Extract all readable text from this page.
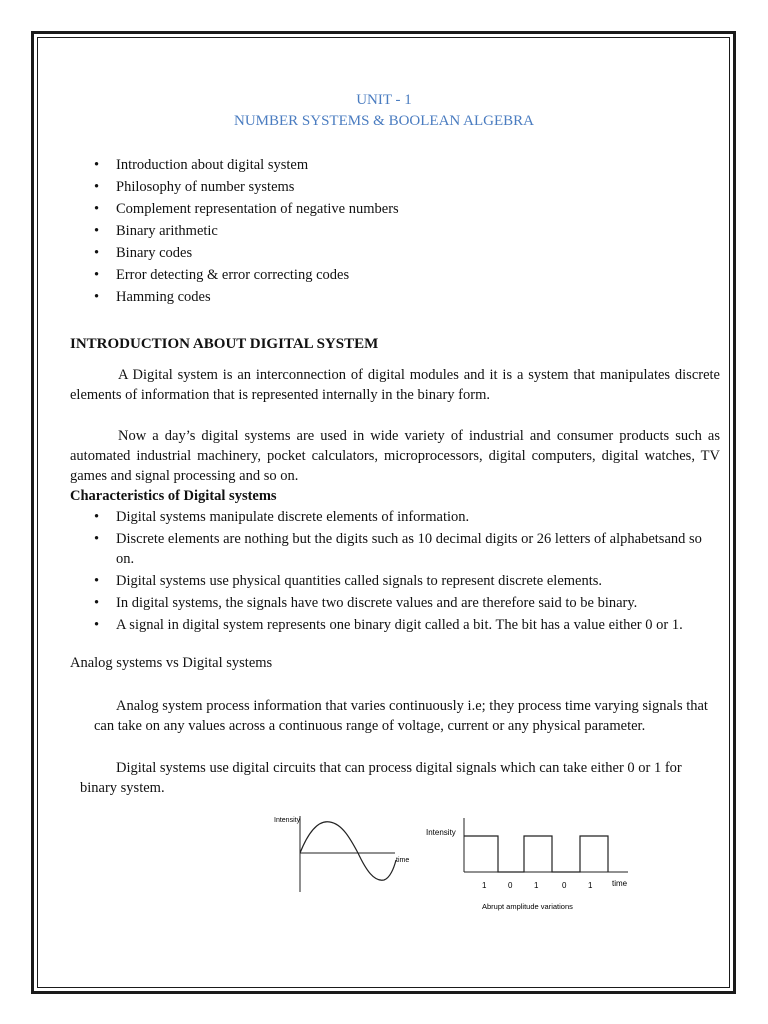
UNIT - 1
NUMBER SYSTEMS & BOOLEAN ALGEBRA
• Introduction about digital system
• Philosophy of number systems
• Complement representation of negative numbers
• Binary arithmetic
• Binary codes
• Error detecting & error correcting codes
• Hamming codes
INTRODUCTION ABOUT DIGITAL SYSTEM

A Digital system is an interconnection of digital modules and it is a system that manipulates discrete elements of information that is represented internally in the binary form.

Now a day’s digital systems are used in wide variety of industrial and consumer products such as automated industrial machinery, pocket calculators, microprocessors, digital computers, digital watches, TV games and signal processing and so on.

Characteristics of Digital systems
• Digital systems manipulate discrete elements of information.
• Discrete elements are nothing but the digits such as 10 decimal digits or 26 letters of alphabetsand so on.
• Digital systems use physical quantities called signals to represent discrete elements.
• In digital systems, the signals have two discrete values and are therefore said to be binary.
• A signal in digital system represents one binary digit called a bit. The bit has a value either 0 or 1.
Analog systems vs Digital systems

Analog system process information that varies continuously i.e; they process time varying signals that can take on any values across a continuous range of voltage, current or any physical parameter.

Digital systems use digital circuits that can process digital signals which can take either 0 or 1 for binary system.

Intensity
time
Intensity
time
1	0	1	0	1
Abrupt amplitude variations
